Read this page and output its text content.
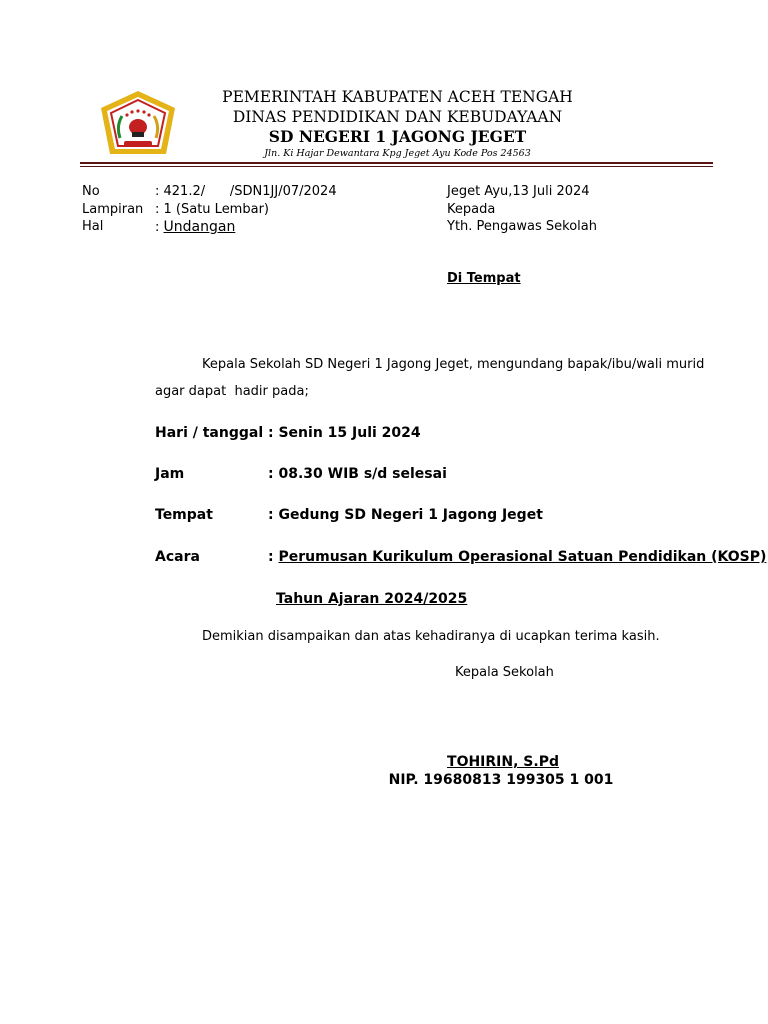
PEMERINTAH KABUPATEN ACEH TENGAH
DINAS PENDIDIKAN DAN KEBUDAYAAN
SD NEGERI 1 JAGONG JEGET
Jln. Ki Hajar Dewantara Kpg Jeget Ayu Kode Pos 24563
No	: 421.2/      /SDN1JJ/07/2024
Lampiran : 1 (Satu Lembar)
Hal	: Undangan
Jeget Ayu,13 Juli 2024
Kepada
Yth. Pengawas Sekolah
Di Tempat
Kepala Sekolah SD Negeri 1 Jagong Jeget, mengundang bapak/ibu/wali murid
agar dapat  hadir pada;
Hari / tanggal : Senin 15 Juli 2024
Jam	: 08.30 WIB s/d selesai
Tempat	: Gedung SD Negeri 1 Jagong Jeget
Acara	: Perumusan Kurikulum Operasional Satuan Pendidikan (KOSP)
Tahun Ajaran 2024/2025
Demikian disampaikan dan atas kehadiranya di ucapkan terima kasih.
Kepala Sekolah
TOHIRIN, S.Pd
NIP. 19680813 199305 1 001
